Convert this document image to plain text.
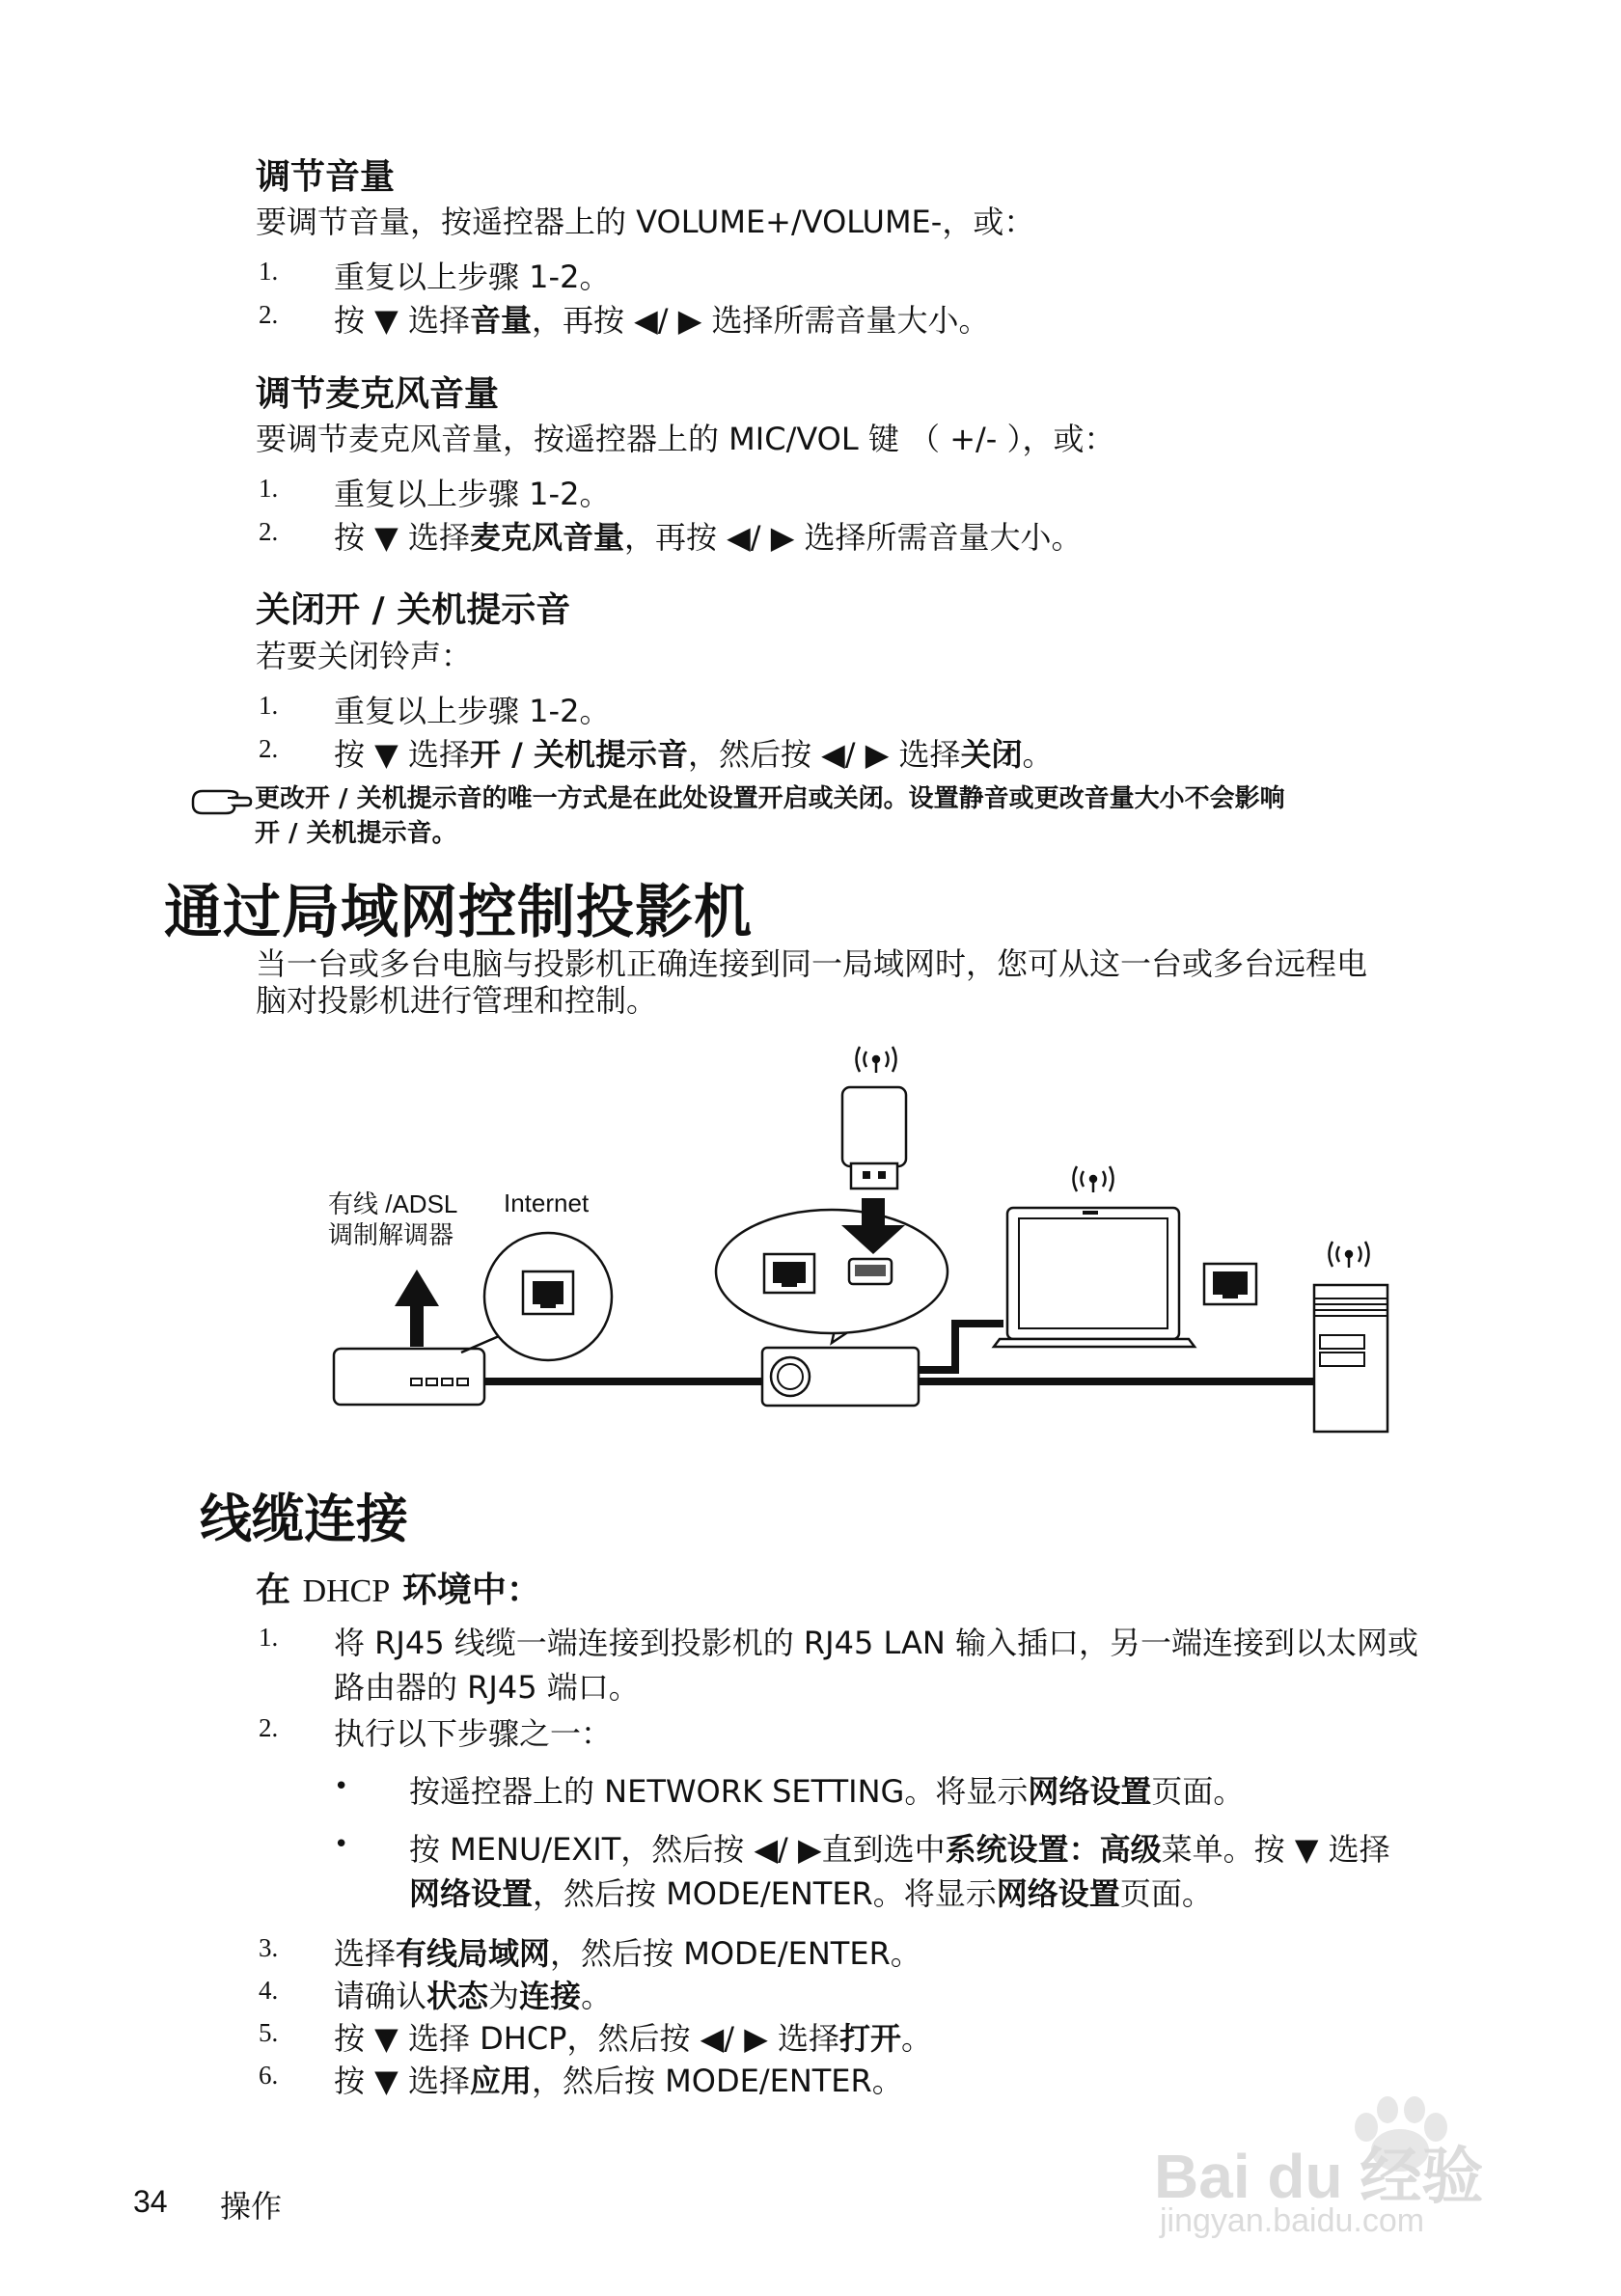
调节音量
要调节音量，按遥控器上的 VOLUME+/VOLUME-，或：
1. 重复以上步骤 1-2。
2. 按 ▼ 选择音量，再按 ◀/ ▶ 选择所需音量大小。
调节麦克风音量
要调节麦克风音量，按遥控器上的 MIC/VOL 键 （ +/- ），或：
1. 重复以上步骤 1-2。
2. 按 ▼ 选择麦克风音量，再按 ◀/ ▶ 选择所需音量大小。
关闭开 / 关机提示音
若要关闭铃声：
1. 重复以上步骤 1-2。
2. 按 ▼ 选择开 / 关机提示音，然后按 ◀/ ▶ 选择关闭。
更改开 / 关机提示音的唯一方式是在此处设置开启或关闭。设置静音或更改音量大小不会影响
开 / 关机提示音。
通过局域网控制投影机
当一台或多台电脑与投影机正确连接到同一局域网时，您可从这一台或多台远程电
脑对投影机进行管理和控制。
有线 /ADSL
调制解调器
Internet
线缆连接
在 DHCP 环境中：
1. 将 RJ45 线缆一端连接到投影机的 RJ45 LAN 输入插口，另一端连接到以太网或
路由器的 RJ45 端口。
2. 执行以下步骤之一：
• 按遥控器上的 NETWORK SETTING。将显示网络设置页面。
• 按 MENU/EXIT，然后按 ◀/ ▶直到选中系统设置：高级菜单。按 ▼ 选择
网络设置，然后按 MODE/ENTER。将显示网络设置页面。
3. 选择有线局域网，然后按 MODE/ENTER。
4. 请确认状态为连接。
5. 按 ▼ 选择 DHCP，然后按 ◀/ ▶ 选择打开。
6. 按 ▼ 选择应用，然后按 MODE/ENTER。
34 操作	Bai du 经验
jingyan.baidu.com
